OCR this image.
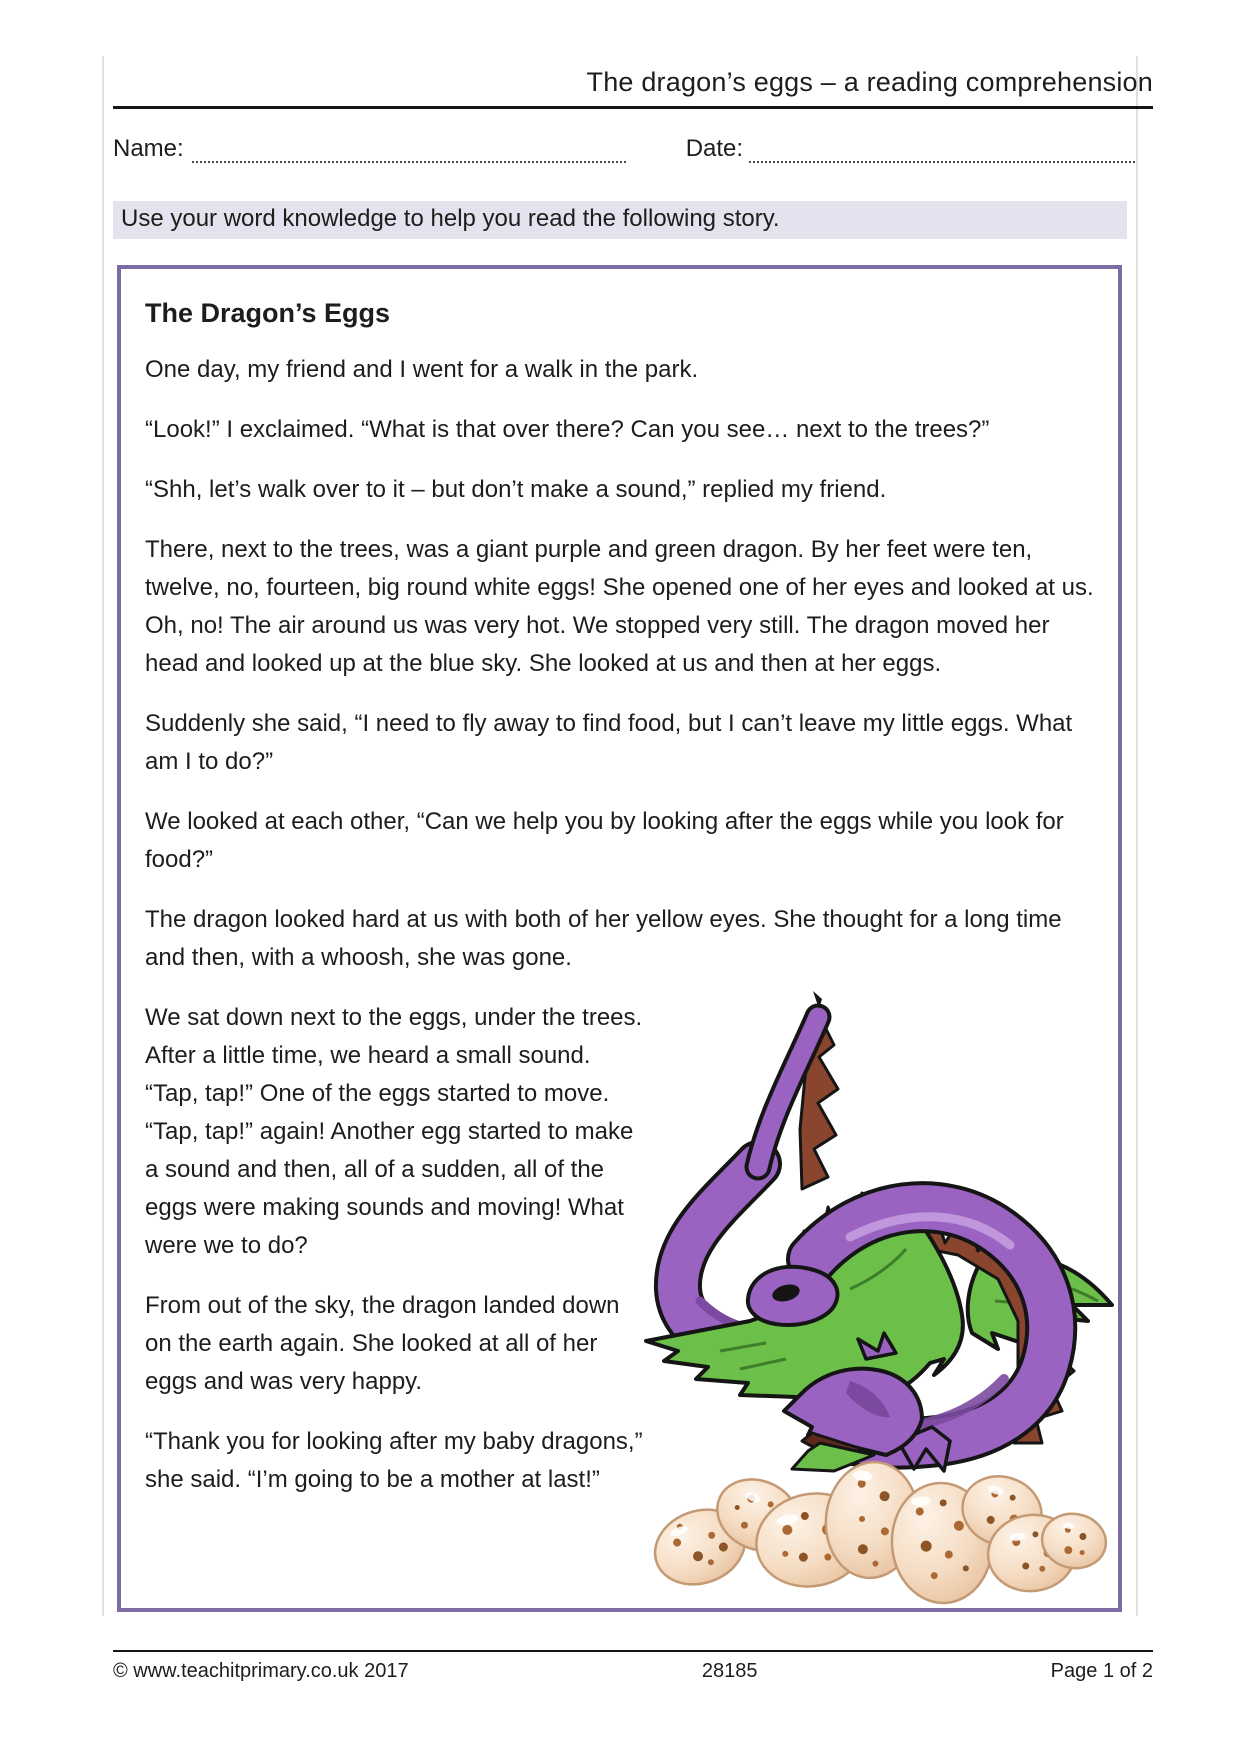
The dragon’s eggs – a reading comprehension
Name:	Date:
Use your word knowledge to help you read the following story.
The Dragon’s Eggs

One day, my friend and I went for a walk in the park.

“Look!” I exclaimed. “What is that over there? Can you see… next to the trees?”

“Shh, let’s walk over to it – but don’t make a sound,” replied my friend.

There, next to the trees, was a giant purple and green dragon. By her feet were ten, twelve, no, fourteen, big round white eggs! She opened one of her eyes and looked at us. Oh, no! The air around us was very hot. We stopped very still. The dragon moved her head and looked up at the blue sky. She looked at us and then at her eggs.

Suddenly she said, “I need to fly away to find food, but I can’t leave my little eggs. What am I to do?”

We looked at each other, “Can we help you by looking after the eggs while you look for food?”

The dragon looked hard at us with both of her yellow eyes. She thought for a long time and then, with a whoosh, she was gone.

We sat down next to the eggs, under the trees. After a little time, we heard a small sound. “Tap, tap!” One of the eggs started to move. “Tap, tap!” again! Another egg started to make a sound and then, all of a sudden, all of the eggs were making sounds and moving! What were we to do?

From out of the sky, the dragon landed down on the earth again. She looked at all of her eggs and was very happy.

“Thank you for looking after my baby dragons,” she said. “I’m going to be a mother at last!”

© www.teachitprimary.co.uk 2017	28185	Page 1 of 2
